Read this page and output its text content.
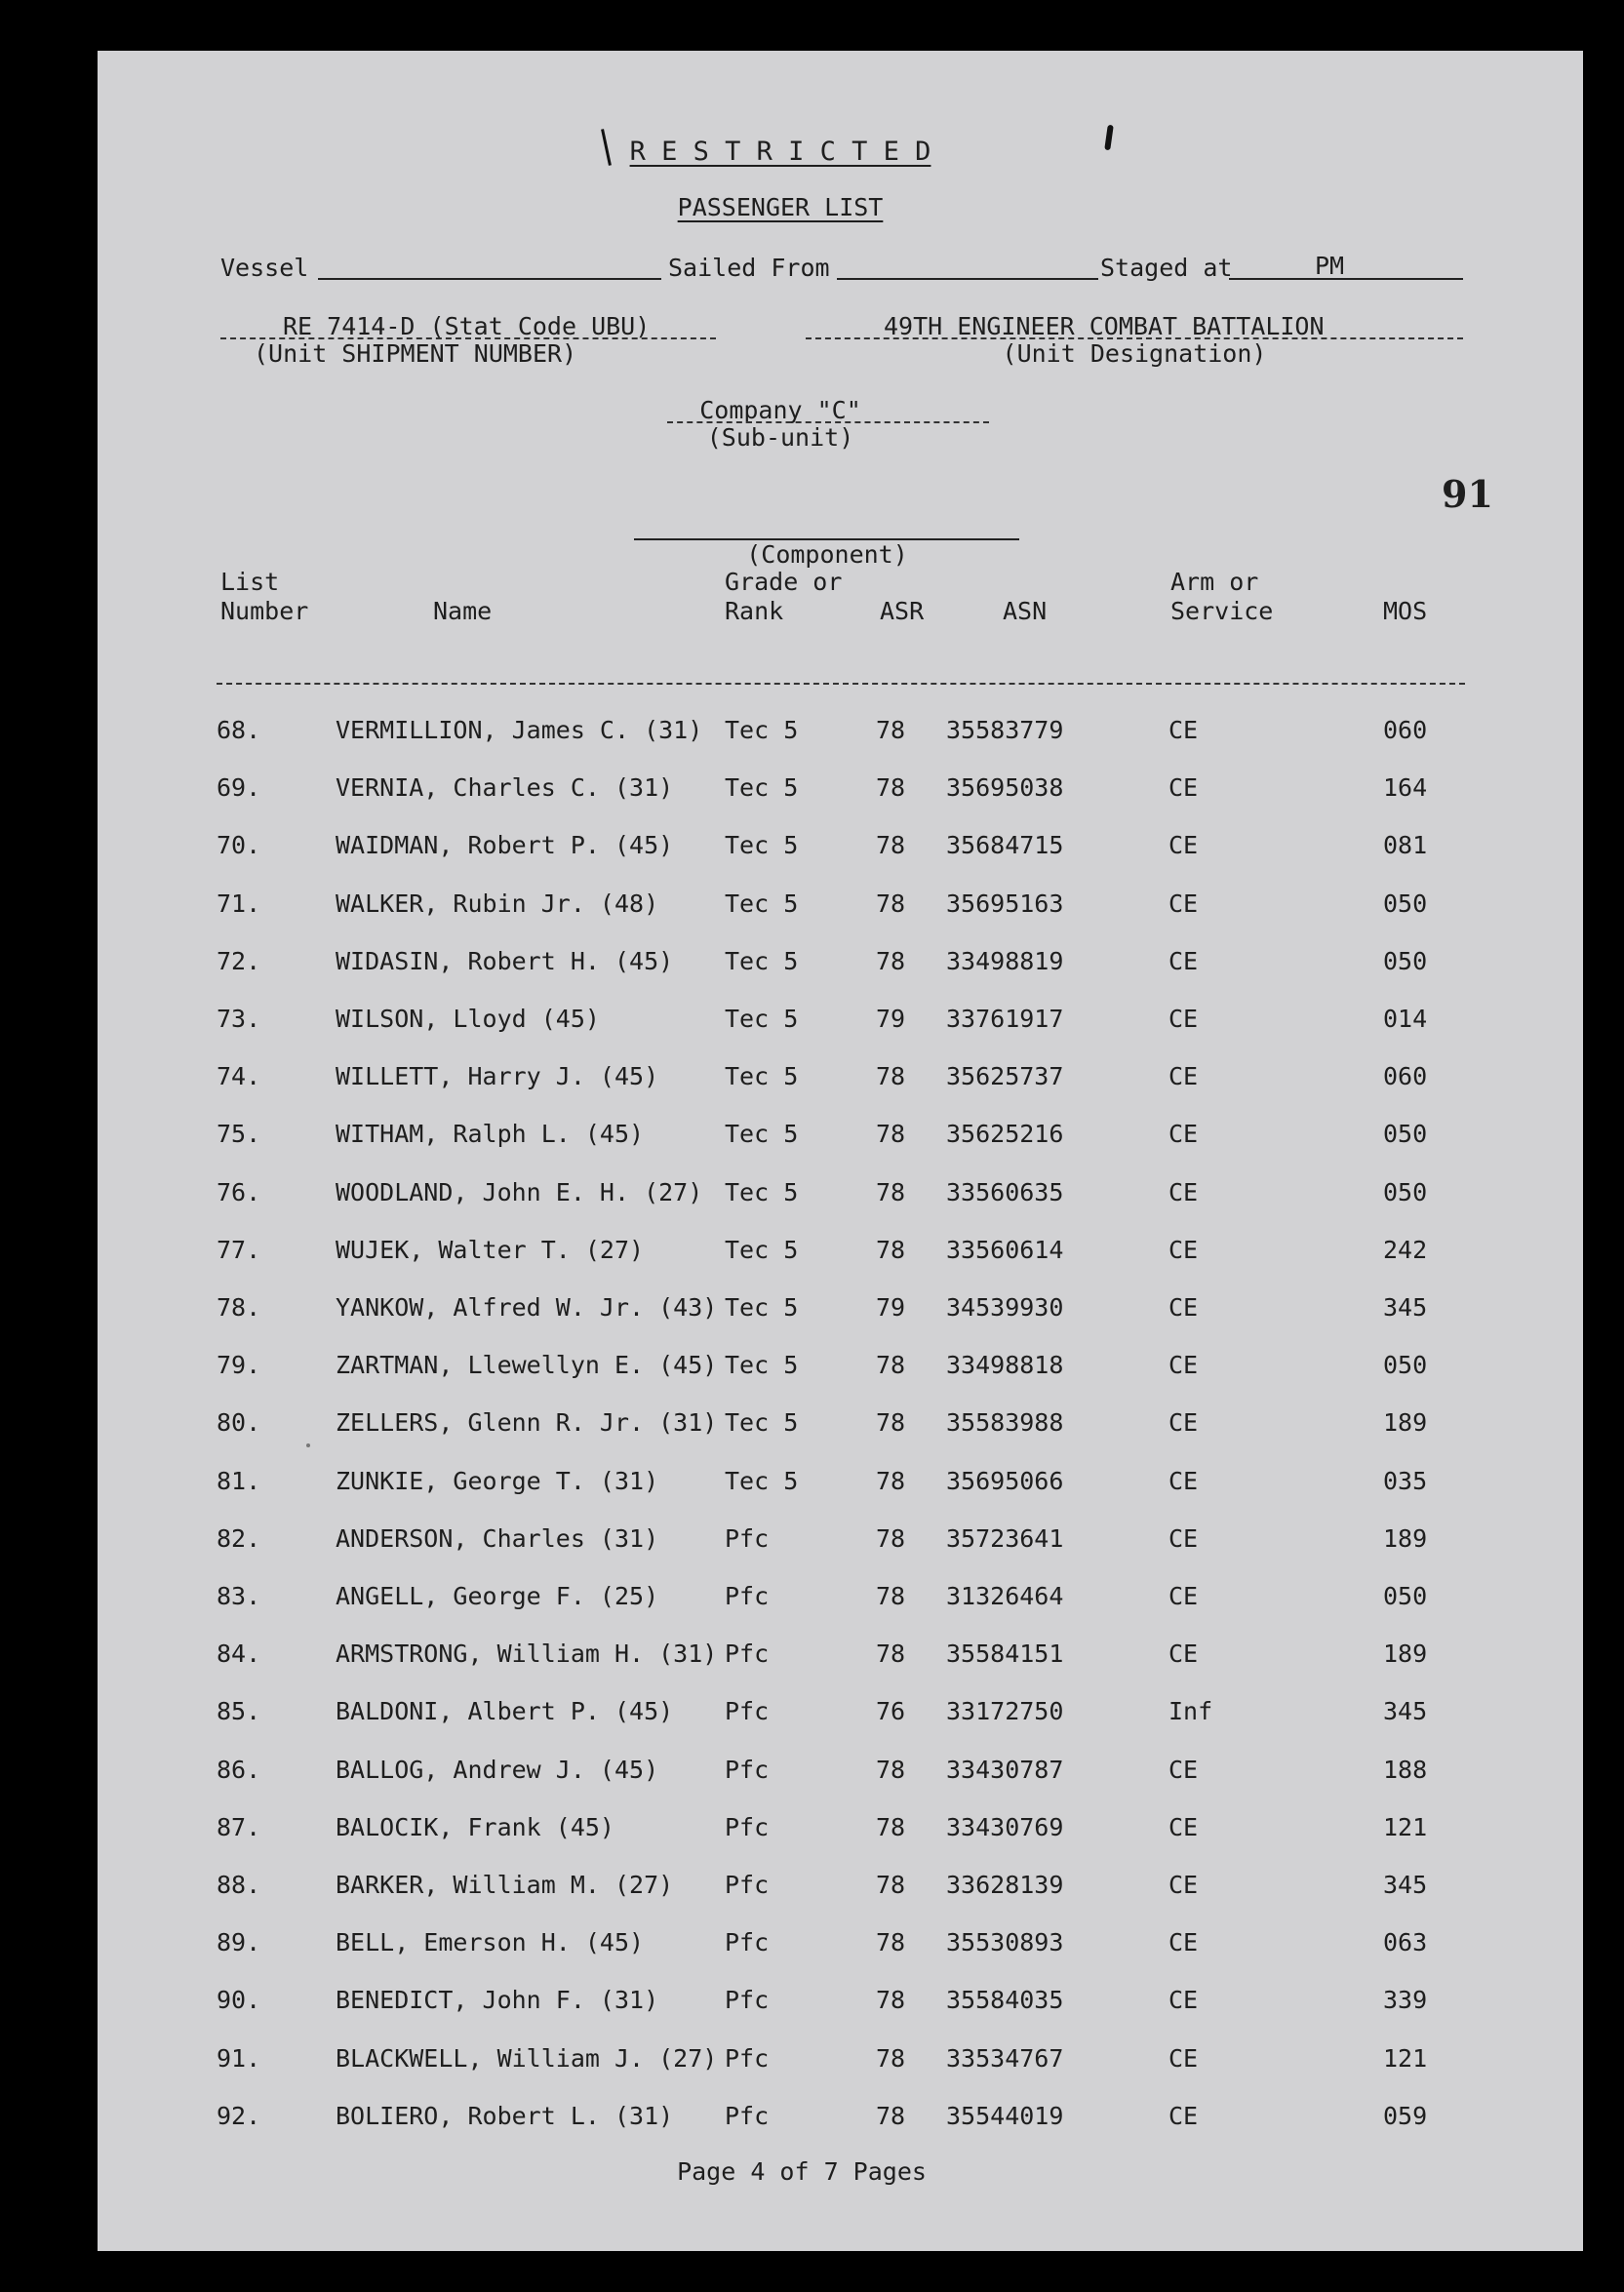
R E S T R I C T E D
PASSENGER LIST
Vessel	Sailed From	Staged at	PM
RE 7414-D (Stat Code UBU)
(Unit SHIPMENT NUMBER)
49TH ENGINEER COMBAT BATTALION
(Unit Designation)
Company "C"
(Sub-unit)
91
(Component)
List
Number	Name
Grade or
Rank	ASR	ASN
Arm or
Service	MOS
68.	VERMILLION, James C. (31) Tec 5	78 35583779	CE	060
69.	VERNIA, Charles C. (31) Tec 5	78 35695038	CE	164
70.	WAIDMAN, Robert P. (45) Tec 5	78 35684715	CE	081
71.	WALKER, Rubin Jr. (48)	Tec 5	78 35695163	CE	050
72.	WIDASIN, Robert H. (45) Tec 5	78 33498819	CE	050
73.	WILSON, Lloyd (45)	Tec 5	79 33761917	CE	014
74.	WILLETT, Harry J. (45)	Tec 5	78 35625737	CE	060
75.	WITHAM, Ralph L. (45)	Tec 5	78 35625216	CE	050
76.	WOODLAND, John E. H. (27) Tec 5	78 33560635	CE	050
77.	WUJEK, Walter T. (27)	Tec 5	78 33560614	CE	242
78.	YANKOW, Alfred W. Jr. (43) Tec 5	79 34539930	CE	345
79.	ZARTMAN, Llewellyn E. (45) Tec 5	78 33498818	CE	050
80.	ZELLERS, Glenn R. Jr. (31) Tec 5	78 35583988	CE	189
81.	ZUNKIE, George T. (31)	Tec 5	78 35695066	CE	035
82.	ANDERSON, Charles (31)	Pfc	78 35723641	CE	189
83.	ANGELL, George F. (25)	Pfc	78 31326464	CE	050
84.	ARMSTRONG, William H. (31) Pfc	78 35584151	CE	189
85.	BALDONI, Albert P. (45) Pfc	76 33172750	Inf	345
86.	BALLOG, Andrew J. (45)	Pfc	78 33430787	CE	188
87.	BALOCIK, Frank (45)	Pfc	78 33430769	CE	121
88.	BARKER, William M. (27) Pfc	78 33628139	CE	345
89.	BELL, Emerson H. (45)	Pfc	78 35530893	CE	063
90.	BENEDICT, John F. (31)	Pfc	78 35584035	CE	339
91.	BLACKWELL, William J. (27) Pfc	78 33534767	CE	121
92.	BOLIERO, Robert L. (31) Pfc	78 35544019	CE	059
Page 4 of 7 Pages
